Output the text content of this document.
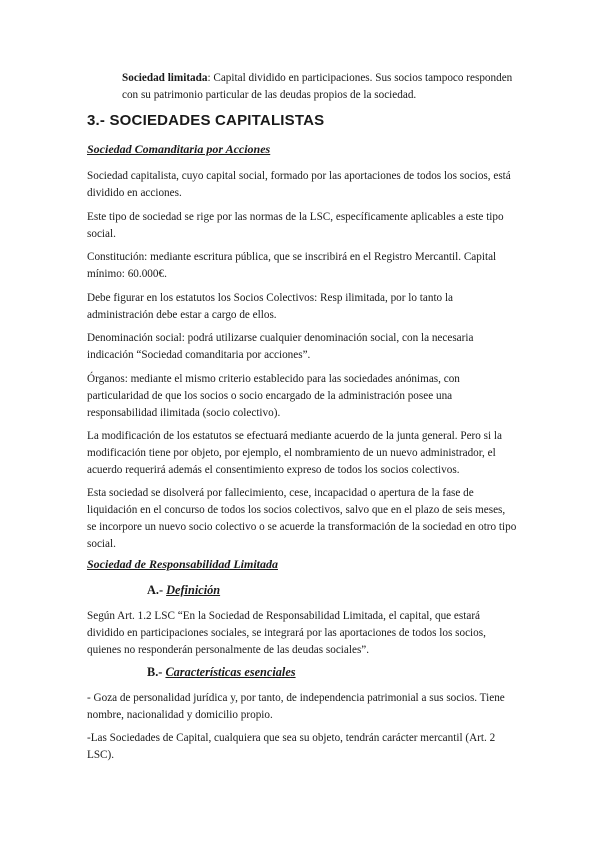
Sociedad limitada: Capital dividido en participaciones. Sus socios tampoco responden con su patrimonio particular de las deudas propios de la sociedad.

3.- SOCIEDADES CAPITALISTAS
Sociedad Comanditaria por Acciones

Sociedad capitalista, cuyo capital social, formado por las aportaciones de todos los socios, está dividido en acciones.

Este tipo de sociedad se rige por las normas de la LSC, específicamente aplicables a este tipo social.

Constitución: mediante escritura pública, que se inscribirá en el Registro Mercantil. Capital mínimo: 60.000€.

Debe figurar en los estatutos los Socios Colectivos: Resp ilimitada, por lo tanto la administración debe estar a cargo de ellos.

Denominación social: podrá utilizarse cualquier denominación social, con la necesaria indicación “Sociedad comanditaria por acciones”.

Órganos: mediante el mismo criterio establecido para las sociedades anónimas, con particularidad de que los socios o socio encargado de la administración posee una responsabilidad ilimitada (socio colectivo).

La modificación de los estatutos se efectuará mediante acuerdo de la junta general. Pero si la modificación tiene por objeto, por ejemplo, el nombramiento de un nuevo administrador, el acuerdo requerirá además el consentimiento expreso de todos los socios colectivos.

Esta sociedad se disolverá por fallecimiento, cese, incapacidad o apertura de la fase de liquidación en el concurso de todos los socios colectivos, salvo que en el plazo de seis meses, se incorpore un nuevo socio colectivo o se acuerde la transformación de la sociedad en otro tipo social.

Sociedad de Responsabilidad Limitada
A.- Definición

Según Art. 1.2 LSC “En la Sociedad de Responsabilidad Limitada, el capital, que estará dividido en participaciones sociales, se integrará por las aportaciones de todos los socios, quienes no responderán personalmente de las deudas sociales”.

B.- Características esenciales

- Goza de personalidad jurídica y, por tanto, de independencia patrimonial a sus socios. Tiene nombre, nacionalidad y domicilio propio.

-Las Sociedades de Capital, cualquiera que sea su objeto, tendrán carácter mercantil (Art. 2 LSC).
